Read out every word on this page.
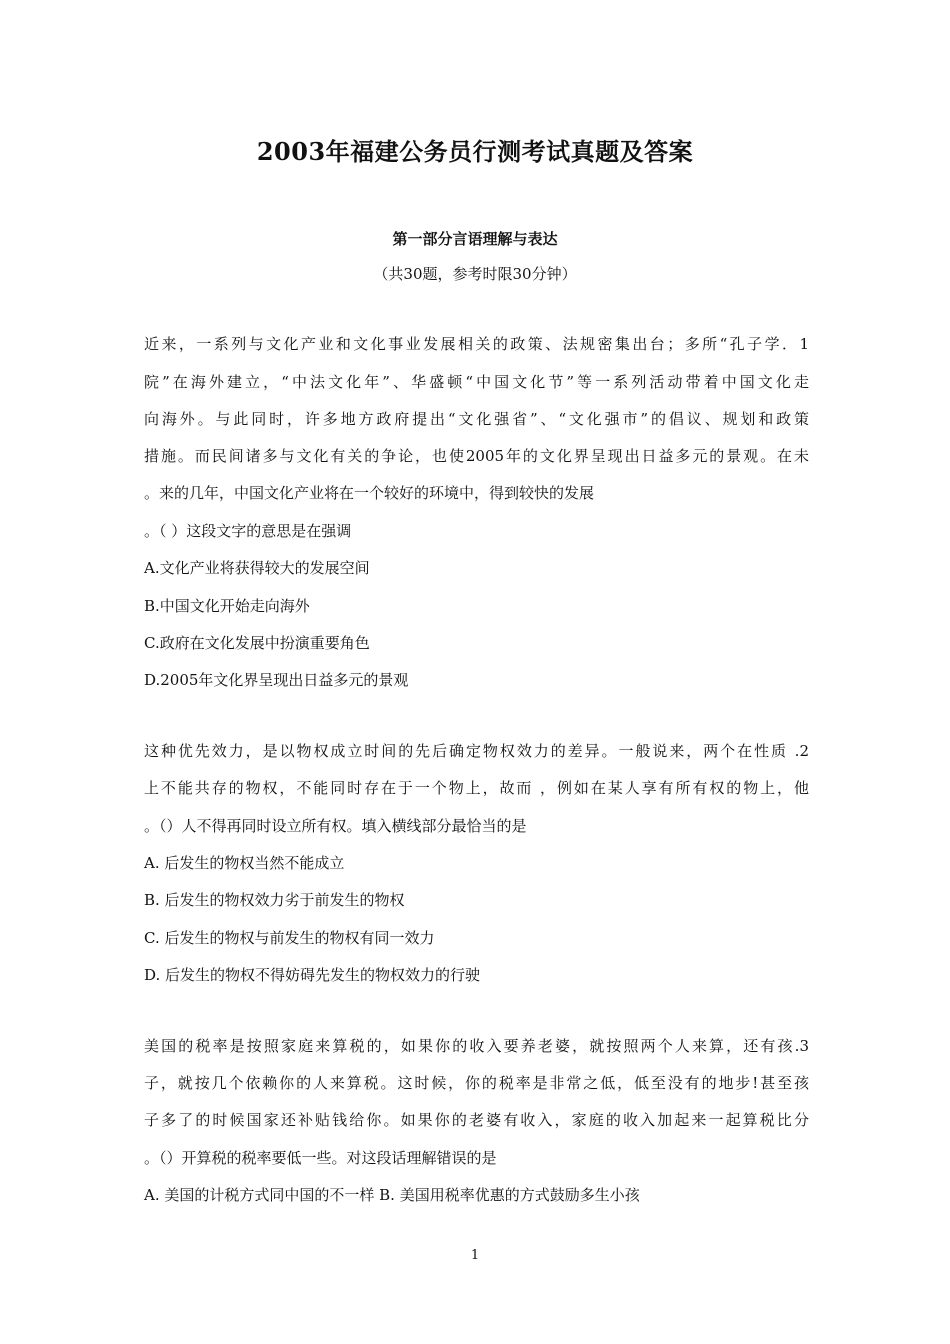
2003年福建公务员行测考试真题及答案
第一部分言语理解与表达
（共30题，参考时限30分钟）
近来，一系列与文化产业和文化事业发展相关的政策、法规密集出台；多所“孔子学．1
院”在海外建立，“中法文化年”、华盛顿“中国文化节”等一系列活动带着中国文化走
向海外。与此同时，许多地方政府提出“文化强省”、“文化强市”的倡议、规划和政策
措施。而民间诸多与文化有关的争论，也使2005年的文化界呈现出日益多元的景观。在未
。来的几年，中国文化产业将在一个较好的环境中，得到较快的发展
。（ ）这段文字的意思是在强调
A.文化产业将获得较大的发展空间
B.中国文化开始走向海外
C.政府在文化发展中扮演重要角色
D.2005年文化界呈现出日益多元的景观
这种优先效力，是以物权成立时间的先后确定物权效力的差异。一般说来，两个在性质 .2
上不能共存的物权，不能同时存在于一个物上，故而 ，例如在某人享有所有权的物上，他
。（）人不得再同时设立所有权。填入横线部分最恰当的是
A. 后发生的物权当然不能成立
B. 后发生的物权效力劣于前发生的物权
C. 后发生的物权与前发生的物权有同一效力
D. 后发生的物权不得妨碍先发生的物权效力的行驶
美国的税率是按照家庭来算税的，如果你的收入要养老婆，就按照两个人来算，还有孩.3
子，就按几个依赖你的人来算税。这时候，你的税率是非常之低，低至没有的地步!甚至孩
子多了的时候国家还补贴钱给你。如果你的老婆有收入，家庭的收入加起来一起算税比分
。（）开算税的税率要低一些。对这段话理解错误的是
A. 美国的计税方式同中国的不一样 B. 美国用税率优惠的方式鼓励多生小孩
1
